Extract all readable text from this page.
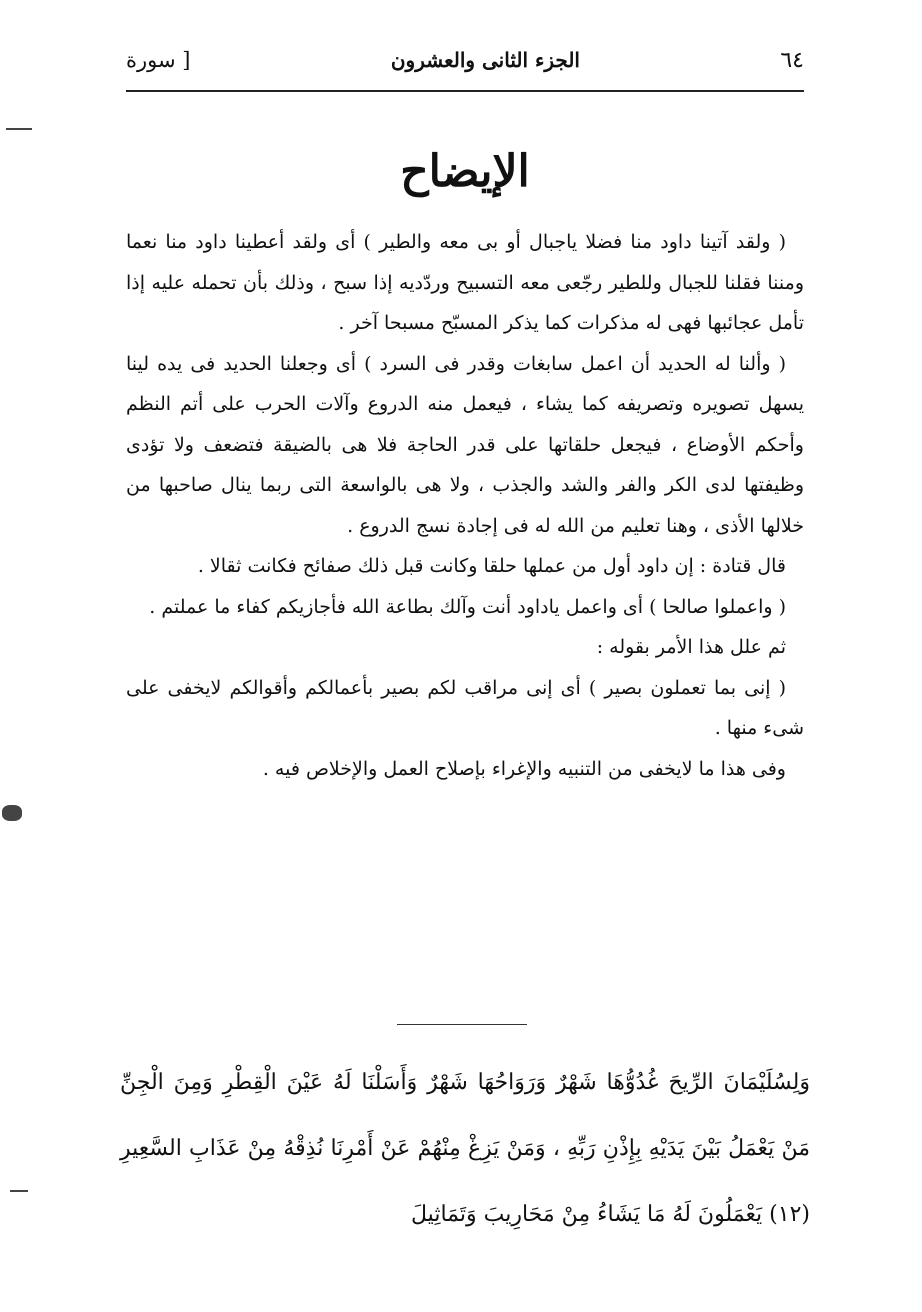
٦٤
الجزء الثانى والعشرون
[ سورة
الإيضاح

( ولقد آتينا داود منا فضلا ياجبال أو بى معه والطير ) أى ولقد أعطينا داود منا نعما ومننا فقلنا للجبال وللطير رجّعى معه التسبيح وردّديه إذا سبح ، وذلك بأن تحمله عليه إذا تأمل عجائبها فهى له مذكرات كما يذكر المسبّح مسبحا آخر .

( وألنا له الحديد أن اعمل سابغات وقدر فى السرد ) أى وجعلنا الحديد فى يده لينا يسهل تصويره وتصريفه كما يشاء ، فيعمل منه الدروع وآلات الحرب على أتم النظم وأحكم الأوضاع ، فيجعل حلقاتها على قدر الحاجة فلا هى بالضيقة فتضعف ولا تؤدى وظيفتها لدى الكر والفر والشد والجذب ، ولا هى بالواسعة التى ربما ينال صاحبها من خلالها الأذى ، وهنا تعليم من الله له فى إجادة نسج الدروع .

قال قتادة : إن داود أول من عملها حلقا وكانت قبل ذلك صفائح فكانت ثقالا .

( واعملوا صالحا ) أى واعمل ياداود أنت وآلك بطاعة الله فأجازيكم كفاء ما عملتم .

ثم علل هذا الأمر بقوله :

( إنى بما تعملون بصير ) أى إنى مراقب لكم بصير بأعمالكم وأقوالكم لايخفى على شىء منها .

وفى هذا ما لايخفى من التنبيه والإغراء بإصلاح العمل والإخلاص فيه .

وَلِسُلَيْمَانَ الرِّيحَ غُدُوُّهَا شَهْرٌ وَرَوَاحُهَا شَهْرٌ وَأَسَلْنَا لَهُ عَيْنَ الْقِطْرِ وَمِنَ الْجِنِّ مَنْ يَعْمَلُ بَيْنَ يَدَيْهِ بِإِذْنِ رَبِّهِ ، وَمَنْ يَزِغْ مِنْهُمْ عَنْ أَمْرِنَا نُذِقْهُ مِنْ عَذَابِ السَّعِيرِ (١٢) يَعْمَلُونَ لَهُ مَا يَشَاءُ مِنْ مَحَارِيبَ وَتَمَاثِيلَ
